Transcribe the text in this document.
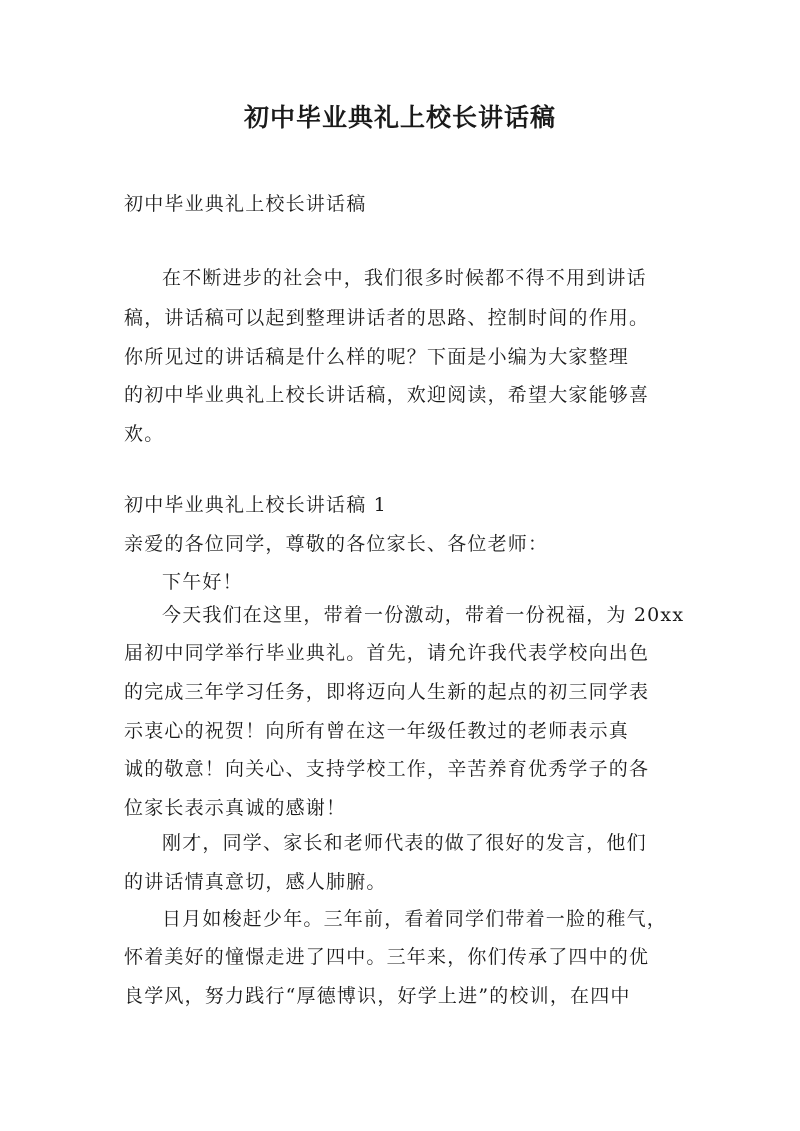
初中毕业典礼上校长讲话稿
初中毕业典礼上校长讲话稿
在不断进步的社会中，我们很多时候都不得不用到讲话
稿，讲话稿可以起到整理讲话者的思路、控制时间的作用。
你所见过的讲话稿是什么样的呢？下面是小编为大家整理
的初中毕业典礼上校长讲话稿，欢迎阅读，希望大家能够喜
欢。
初中毕业典礼上校长讲话稿 1
亲爱的各位同学，尊敬的各位家长、各位老师：
下午好！
今天我们在这里，带着一份激动，带着一份祝福，为 20xx
届初中同学举行毕业典礼。首先，请允许我代表学校向出色
的完成三年学习任务，即将迈向人生新的起点的初三同学表
示衷心的祝贺！向所有曾在这一年级任教过的老师表示真
诚的敬意！向关心、支持学校工作，辛苦养育优秀学子的各
位家长表示真诚的感谢！
刚才，同学、家长和老师代表的做了很好的发言，他们
的讲话情真意切，感人肺腑。
日月如梭赶少年。三年前，看着同学们带着一脸的稚气，
怀着美好的憧憬走进了四中。三年来，你们传承了四中的优
良学风，努力践行“厚德博识，好学上进”的校训，在四中
